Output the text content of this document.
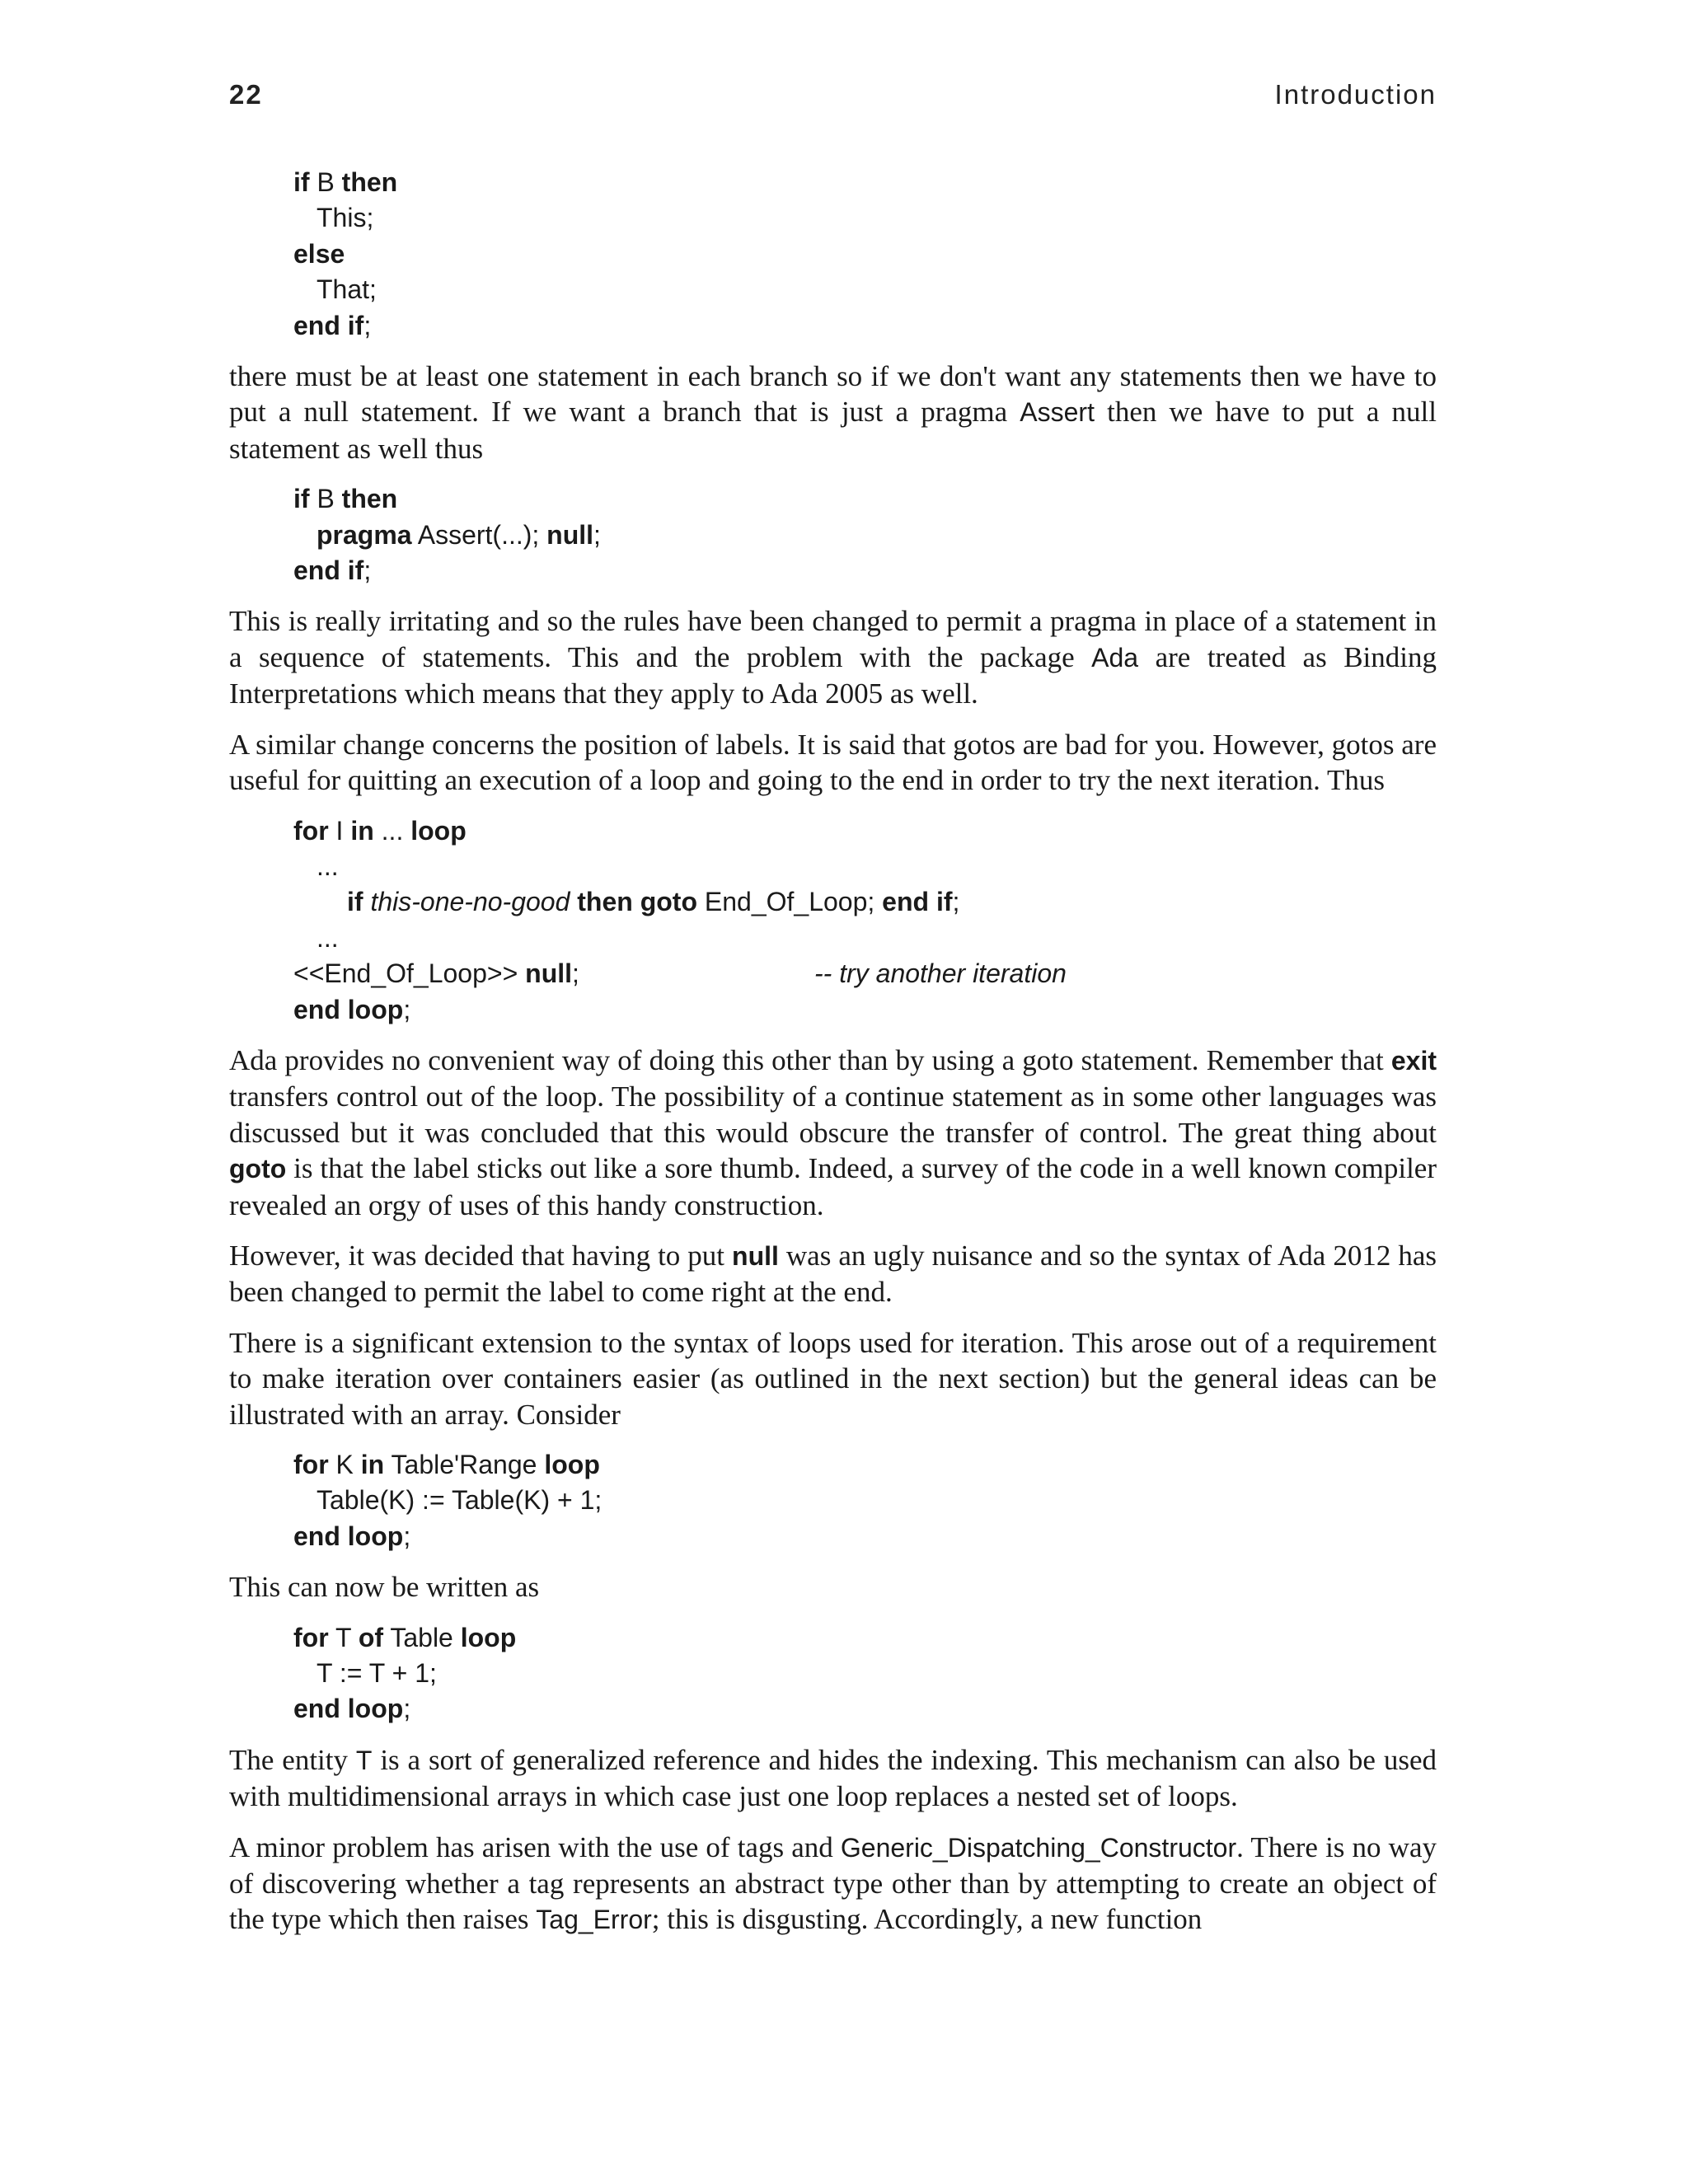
22	Introduction
if B then
This;
else
That;
end if;

there must be at least one statement in each branch so if we don't want any statements then we have to put a null statement. If we want a branch that is just a pragma Assert then we have to put a null statement as well thus

if B then
pragma Assert(...); null;
end if;

This is really irritating and so the rules have been changed to permit a pragma in place of a statement in a sequence of statements. This and the problem with the package Ada are treated as Binding Interpretations which means that they apply to Ada 2005 as well.

A similar change concerns the position of labels. It is said that gotos are bad for you. However, gotos are useful for quitting an execution of a loop and going to the end in order to try the next iteration. Thus

for I in ... loop
...
if this-one-no-good then goto End_Of_Loop; end if;
...
<<End_Of_Loop>> null;	-- try another iteration
end loop;

Ada provides no convenient way of doing this other than by using a goto statement. Remember that exit transfers control out of the loop. The possibility of a continue statement as in some other languages was discussed but it was concluded that this would obscure the transfer of control. The great thing about goto is that the label sticks out like a sore thumb. Indeed, a survey of the code in a well known compiler revealed an orgy of uses of this handy construction.

However, it was decided that having to put null was an ugly nuisance and so the syntax of Ada 2012 has been changed to permit the label to come right at the end.

There is a significant extension to the syntax of loops used for iteration. This arose out of a requirement to make iteration over containers easier (as outlined in the next section) but the general ideas can be illustrated with an array. Consider

for K in Table'Range loop
Table(K) := Table(K) + 1;
end loop;

This can now be written as

for T of Table loop
T := T + 1;
end loop;

The entity T is a sort of generalized reference and hides the indexing. This mechanism can also be used with multidimensional arrays in which case just one loop replaces a nested set of loops.

A minor problem has arisen with the use of tags and Generic_Dispatching_Constructor. There is no way of discovering whether a tag represents an abstract type other than by attempting to create an object of the type which then raises Tag_Error; this is disgusting. Accordingly, a new function
